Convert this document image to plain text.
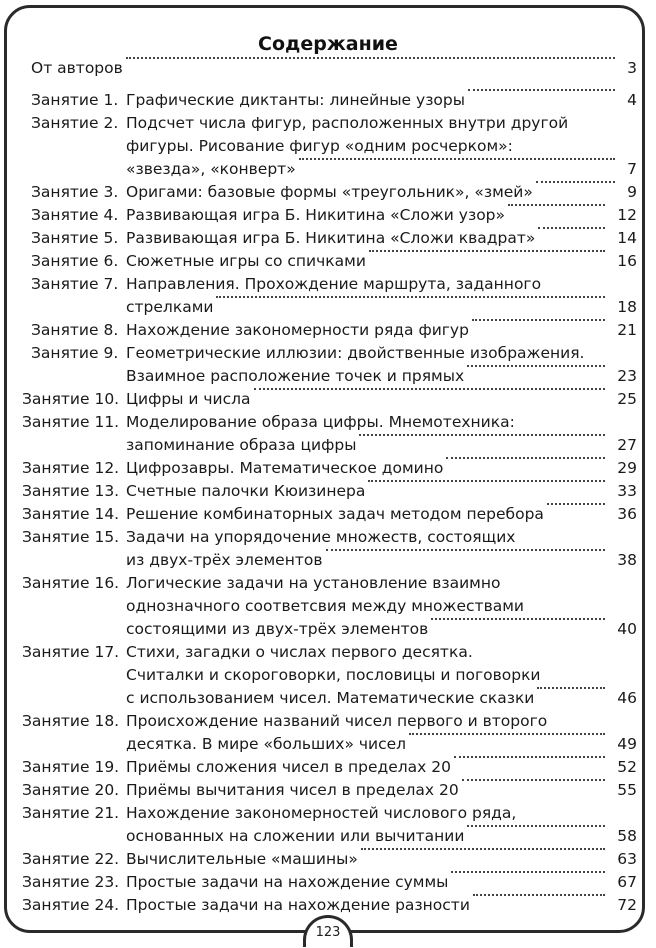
Содержание
От авторов	3
Занятие 1. Графические диктанты: линейные узоры	4
Занятие 2. Подсчет числа фигур, расположенных внутри другой
фигуры. Рисование фигур «одним росчерком»:
«звезда», «конверт»	7
Занятие 3. Оригами: базовые формы «треугольник», «змей»	9
Занятие 4. Развивающая игра Б. Никитина «Сложи узор»	12
Занятие 5. Развивающая игра Б. Никитина «Сложи квадрат»	14
Занятие 6. Сюжетные игры со спичками	16
Занятие 7. Направления. Прохождение маршрута, заданного
стрелками	18
Занятие 8. Нахождение закономерности ряда фигур	21
Занятие 9. Геометрические иллюзии: двойственные изображения.
Взаимное расположение точек и прямых	23
Занятие 10. Цифры и числа	25
Занятие 11. Моделирование образа цифры. Мнемотехника:
запоминание образа цифры	27
Занятие 12. Цифрозавры. Математическое домино	29
Занятие 13. Счетные палочки Кюизинера	33
Занятие 14. Решение комбинаторных задач методом перебора	36
Занятие 15. Задачи на упорядочение множеств, состоящих
из двух-трёх элементов	38
Занятие 16. Логические задачи на установление взаимно
однозначного соответсвия между множествами
состоящими из двух-трёх элементов	40
Занятие 17. Стихи, загадки о числах первого десятка.
Считалки и скороговорки, пословицы и поговорки
с использованием чисел. Математические сказки	46
Занятие 18. Происхождение названий чисел первого и второго
десятка. В мире «больших» чисел	49
Занятие 19. Приёмы сложения чисел в пределах 20	52
Занятие 20. Приёмы вычитания чисел в пределах 20	55
Занятие 21. Нахождение закономерностей числового ряда,
основанных на сложении или вычитании	58
Занятие 22. Вычислительные «машины»	63
Занятие 23. Простые задачи на нахождение суммы	67
Занятие 24. Простые задачи на нахождение разности	72
123
